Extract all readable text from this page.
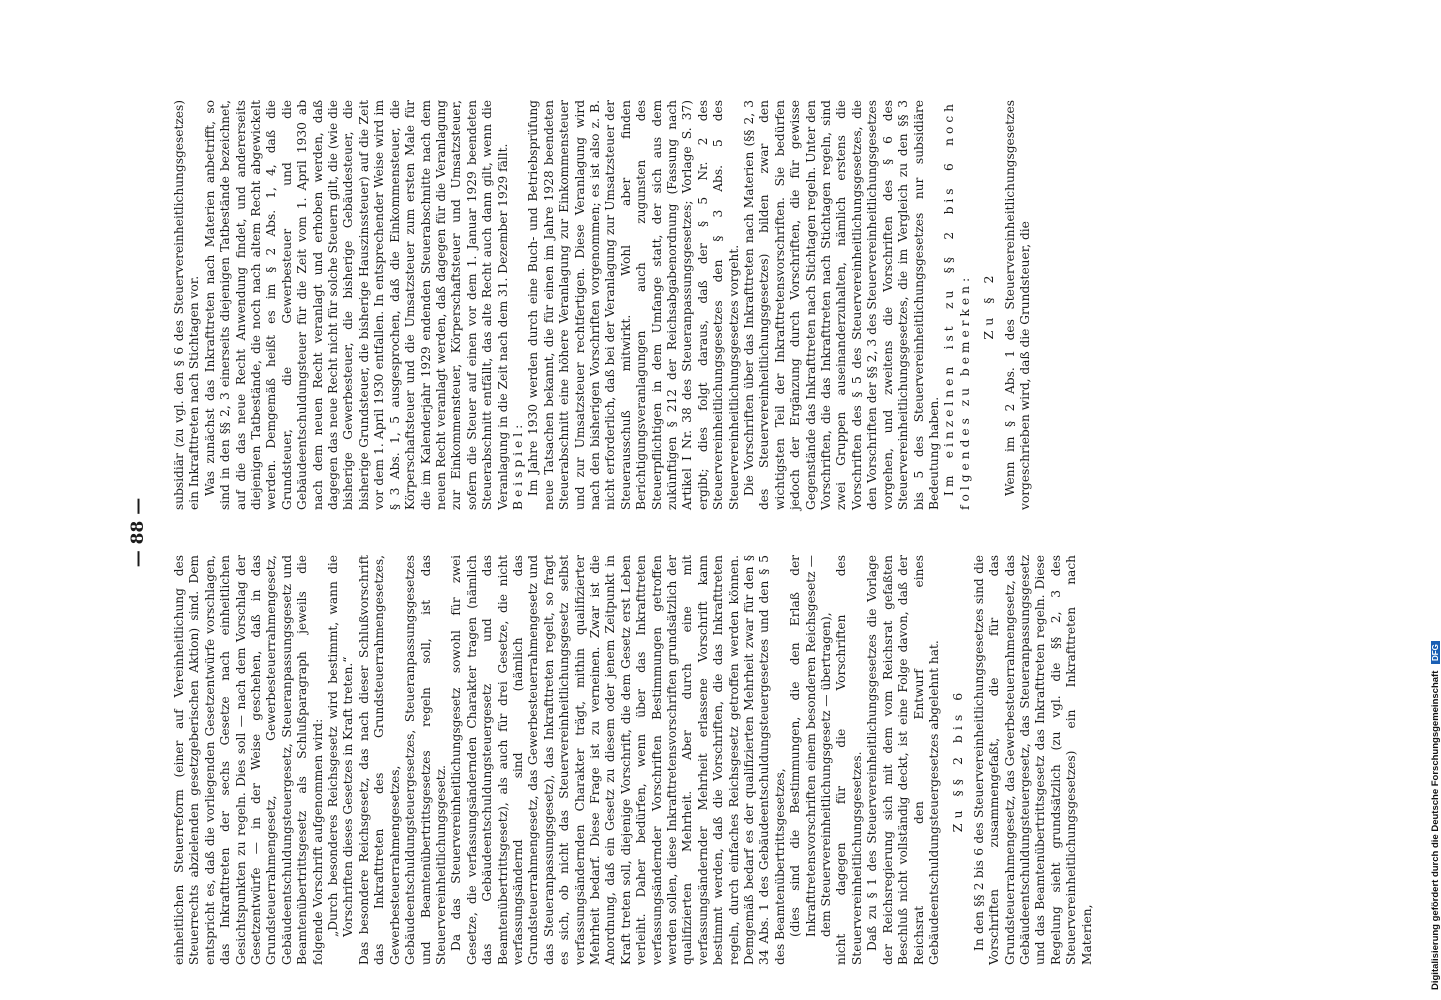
— 88 —

einheitlichen Steuerreform (einer auf Vereinheitlichung des Steuerrechts abzielenden gesetzgeberischen Aktion) sind. Dem entspricht es, daß die vorliegenden Gesetzentwürfe vorschlagen, das Inkrafttreten der sechs Gesetze nach einheitlichen Gesichtspunkten zu regeln. Dies soll — nach dem Vorschlag der Gesetzentwürfe — in der Weise geschehen, daß in das Grundsteuerrahmengesetz, Gewerbesteuerrahmengesetz, Gebäudeentschuldungsteuergesetz, Steueranpassungsgesetz und Beamtenübertrittsgesetz als Schlußparagraph jeweils die folgende Vorschrift aufgenommen wird: „Durch besonderes Reichsgesetz wird bestimmt, wann die Vorschriften dieses Gesetzes in Kraft treten.“ Das besondere Reichsgesetz, das nach dieser Schlußvorschrift das Inkrafttreten des Grundsteuerrahmengesetzes, Gewerbesteuerrahmengesetzes, Gebäudeentschuldungsteuergesetzes, Steueranpassungsgesetzes und Beamtenübertrittsgesetzes regeln soll, ist das Steuervereinheitlichungsgesetz. Da das Steuervereinheitlichungsgesetz sowohl für zwei Gesetze, die verfassungsändernden Charakter tragen (nämlich das Gebäudeentschuldungsteuergesetz und das Beamtenübertrittsgesetz), als auch für drei Gesetze, die nicht verfassungsändernd sind (nämlich das Grundsteuerrahmengesetz, das Gewerbesteuerrahmengesetz und das Steueranpassungsgesetz), das Inkrafttreten regelt, so fragt es sich, ob nicht das Steuervereinheitlichungsgesetz selbst verfassungsändernden Charakter trägt, mithin qualifizierter Mehrheit bedarf. Diese Frage ist zu verneinen. Zwar ist die Anordnung, daß ein Gesetz zu diesem oder jenem Zeitpunkt in Kraft treten soll, diejenige Vorschrift, die dem Gesetz erst Leben verleiht. Daher bedürfen, wenn über das Inkrafttreten verfassungsändernder Vorschriften Bestimmungen getroffen werden sollen, diese Inkrafttretensvorschriften grundsätzlich der qualifizierten Mehrheit. Aber durch eine mit verfassungsändernder Mehrheit erlassene Vorschrift kann bestimmt werden, daß die Vorschriften, die das Inkrafttreten regeln, durch einfaches Reichsgesetz getroffen werden können. Demgemäß bedarf es der qualifizierten Mehrheit zwar für den § 34 Abs. 1 des Gebäudeentschuldungsteuergesetzes und den § 5 des Beamtenübertrittsgesetzes, (dies sind die Bestimmungen, die den Erlaß der Inkrafttretensvorschriften einem besonderen Reichsgesetz — dem Steuervereinheitlichungsgesetz — übertragen), nicht dagegen für die Vorschriften des Steuervereinheitlichungsgesetzes. Daß zu § 1 des Steuervereinheitlichungsgesetzes die Vorlage der Reichsregierung sich mit dem vom Reichsrat gefaßten Beschluß nicht vollständig deckt, ist eine Folge davon, daß der Reichsrat den Entwurf eines Gebäudeentschuldungsteuergesetzes abgelehnt hat. Zu §§ 2 bis 6 In den §§ 2 bis 6 des Steuervereinheitlichungsgesetzes sind die Vorschriften zusammengefaßt, die für das Grundsteuerrahmengesetz, das Gewerbesteuerrahmengesetz, das Gebäudeentschuldungsteuergesetz, das Steueranpassungsgesetz und das Beamtenübertrittsgesetz das Inkrafttreten regeln. Diese Regelung sieht grundsätzlich (zu vgl. die §§ 2, 3 des Steuervereinheitlichungsgesetzes) ein Inkrafttreten nach Materien,

subsidiär (zu vgl. den § 6 des Steuervereinheitlichungsgesetzes) ein Inkrafttreten nach Stichtagen vor. Was zunächst das Inkrafttreten nach Materien anbetrifft, so sind in den §§ 2, 3 einerseits diejenigen Tatbestände bezeichnet, auf die das neue Recht Anwendung findet, und andererseits diejenigen Tatbestände, die noch nach altem Recht abgewickelt werden. Demgemäß heißt es im § 2 Abs. 1, 4, daß die Grundsteuer, die Gewerbesteuer und die Gebäudeentschuldungsteuer für die Zeit vom 1. April 1930 ab nach dem neuen Recht veranlagt und erhoben werden, daß dagegen das neue Recht nicht für solche Steuern gilt, die (wie die bisherige Gewerbesteuer, die bisherige Gebäudesteuer, die bisherige Grundsteuer, die bisherige Hauszinssteuer) auf die Zeit vor dem 1. April 1930 entfallen. In entsprechender Weise wird im § 3 Abs. 1, 5 ausgesprochen, daß die Einkommensteuer, die Körperschaftsteuer und die Umsatzsteuer zum ersten Male für die im Kalenderjahr 1929 endenden Steuerabschnitte nach dem neuen Recht veranlagt werden, daß dagegen für die Veranlagung zur Einkommensteuer, Körperschaftsteuer und Umsatzsteuer, sofern die Steuer auf einen vor dem 1. Januar 1929 beendeten Steuerabschnitt entfällt, das alte Recht auch dann gilt, wenn die Veranlagung in die Zeit nach dem 31. Dezember 1929 fällt. Beispiel: Im Jahre 1930 werden durch eine Buch- und Betriebsprüfung neue Tatsachen bekannt, die für einen im Jahre 1928 beendeten Steuerabschnitt eine höhere Veranlagung zur Einkommensteuer und zur Umsatzsteuer rechtfertigen. Diese Veranlagung wird nach den bisherigen Vorschriften vorgenommen; es ist also z. B. nicht erforderlich, daß bei der Veranlagung zur Umsatzsteuer der Steuerausschuß mitwirkt. Wohl aber finden Berichtigungsveranlagungen auch zugunsten des Steuerpflichtigen in dem Umfange statt, der sich aus dem zukünftigen § 212 der Reichsabgabenordnung (Fassung nach Artikel I Nr. 38 des Steueranpassungsgesetzes; Vorlage S. 37) ergibt; dies folgt daraus, daß der § 5 Nr. 2 des Steuervereinheitlichungsgesetzes den § 3 Abs. 5 des Steuervereinheitlichungsgesetzes vorgeht. Die Vorschriften über das Inkrafttreten nach Materien (§§ 2, 3 des Steuervereinheitlichungsgesetzes) bilden zwar den wichtigsten Teil der Inkrafttretensvorschriften. Sie bedürfen jedoch der Ergänzung durch Vorschriften, die für gewisse Gegenstände das Inkrafttreten nach Stichtagen regeln. Unter den Vorschriften, die das Inkrafttreten nach Stichtagen regeln, sind zwei Gruppen auseinanderzuhalten, nämlich erstens die Vorschriften des § 5 des Steuervereinheitlichungsgesetzes, die den Vorschriften der §§ 2, 3 des Steuervereinheitlichungsgesetzes vorgehen, und zweitens die Vorschriften des § 6 des Steuervereinheitlichungsgesetzes, die im Vergleich zu den §§ 3 bis 5 des Steuervereinheitlichungsgesetzes nur subsidiäre Bedeutung haben. Im einzelnen ist zu §§ 2 bis 6 noch folgendes zu bemerken: Zu § 2 Wenn im § 2 Abs. 1 des Steuervereinheitlichungsgesetzes vorgeschrieben wird, daß die Grundsteuer, die

Digitalisierung gefördert durch die Deutsche Forschungsgemeinschaft DFG
